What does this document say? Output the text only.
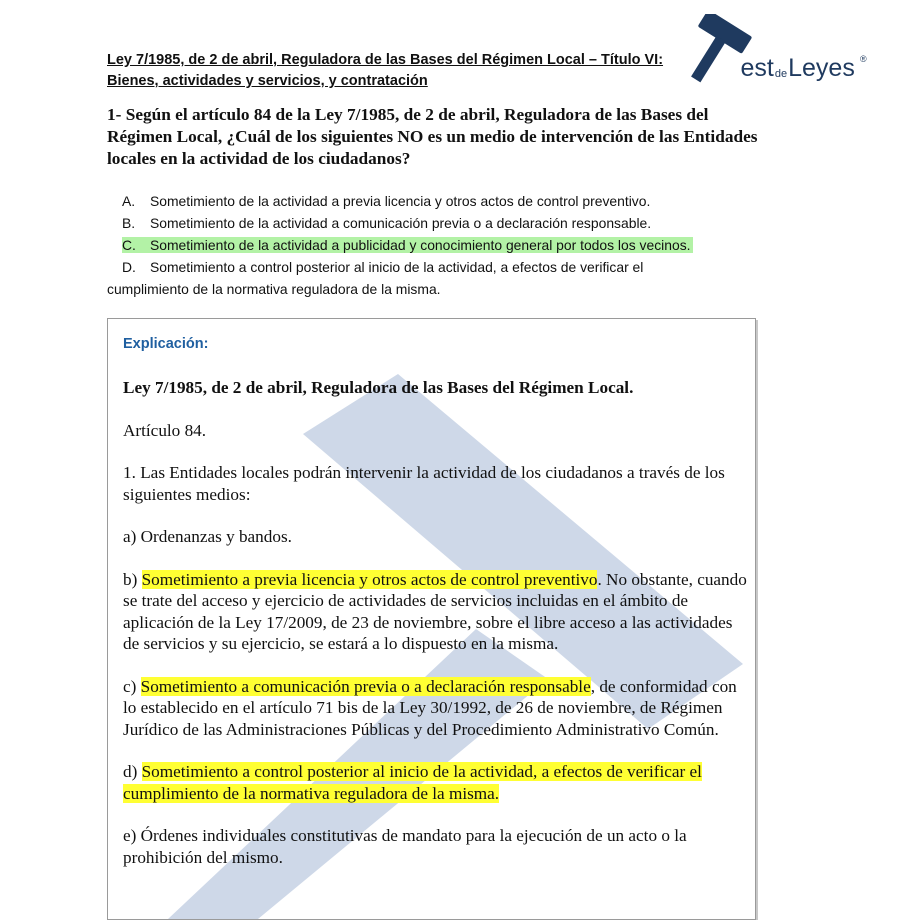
Ley 7/1985, de 2 de abril, Reguladora de las Bases del Régimen Local – Título VI:
Bienes, actividades y servicios, y contratación	estdeLeyes ®
1- Según el artículo 84 de la Ley 7/1985, de 2 de abril, Reguladora de las Bases del Régimen Local, ¿Cuál de los siguientes NO es un medio de intervención de las Entidades locales en la actividad de los ciudadanos?
A. Sometimiento de la actividad a previa licencia y otros actos de control preventivo.
B. Sometimiento de la actividad a comunicación previa o a declaración responsable.
C. Sometimiento de la actividad a publicidad y conocimiento general por todos los vecinos.
D. Sometimiento a control posterior al inicio de la actividad, a efectos de verificar el
cumplimiento de la normativa reguladora de la misma.
Explicación:

Ley 7/1985, de 2 de abril, Reguladora de las Bases del Régimen Local.

Artículo 84.

1. Las Entidades locales podrán intervenir la actividad de los ciudadanos a través de los siguientes medios:

a) Ordenanzas y bandos.

b) Sometimiento a previa licencia y otros actos de control preventivo. No obstante, cuando se trate del acceso y ejercicio de actividades de servicios incluidas en el ámbito de aplicación de la Ley 17/2009, de 23 de noviembre, sobre el libre acceso a las actividades de servicios y su ejercicio, se estará a lo dispuesto en la misma.

c) Sometimiento a comunicación previa o a declaración responsable, de conformidad con lo establecido en el artículo 71 bis de la Ley 30/1992, de 26 de noviembre, de Régimen Jurídico de las Administraciones Públicas y del Procedimiento Administrativo Común.

d) Sometimiento a control posterior al inicio de la actividad, a efectos de verificar el cumplimiento de la normativa reguladora de la misma.

e) Órdenes individuales constitutivas de mandato para la ejecución de un acto o la prohibición del mismo.
